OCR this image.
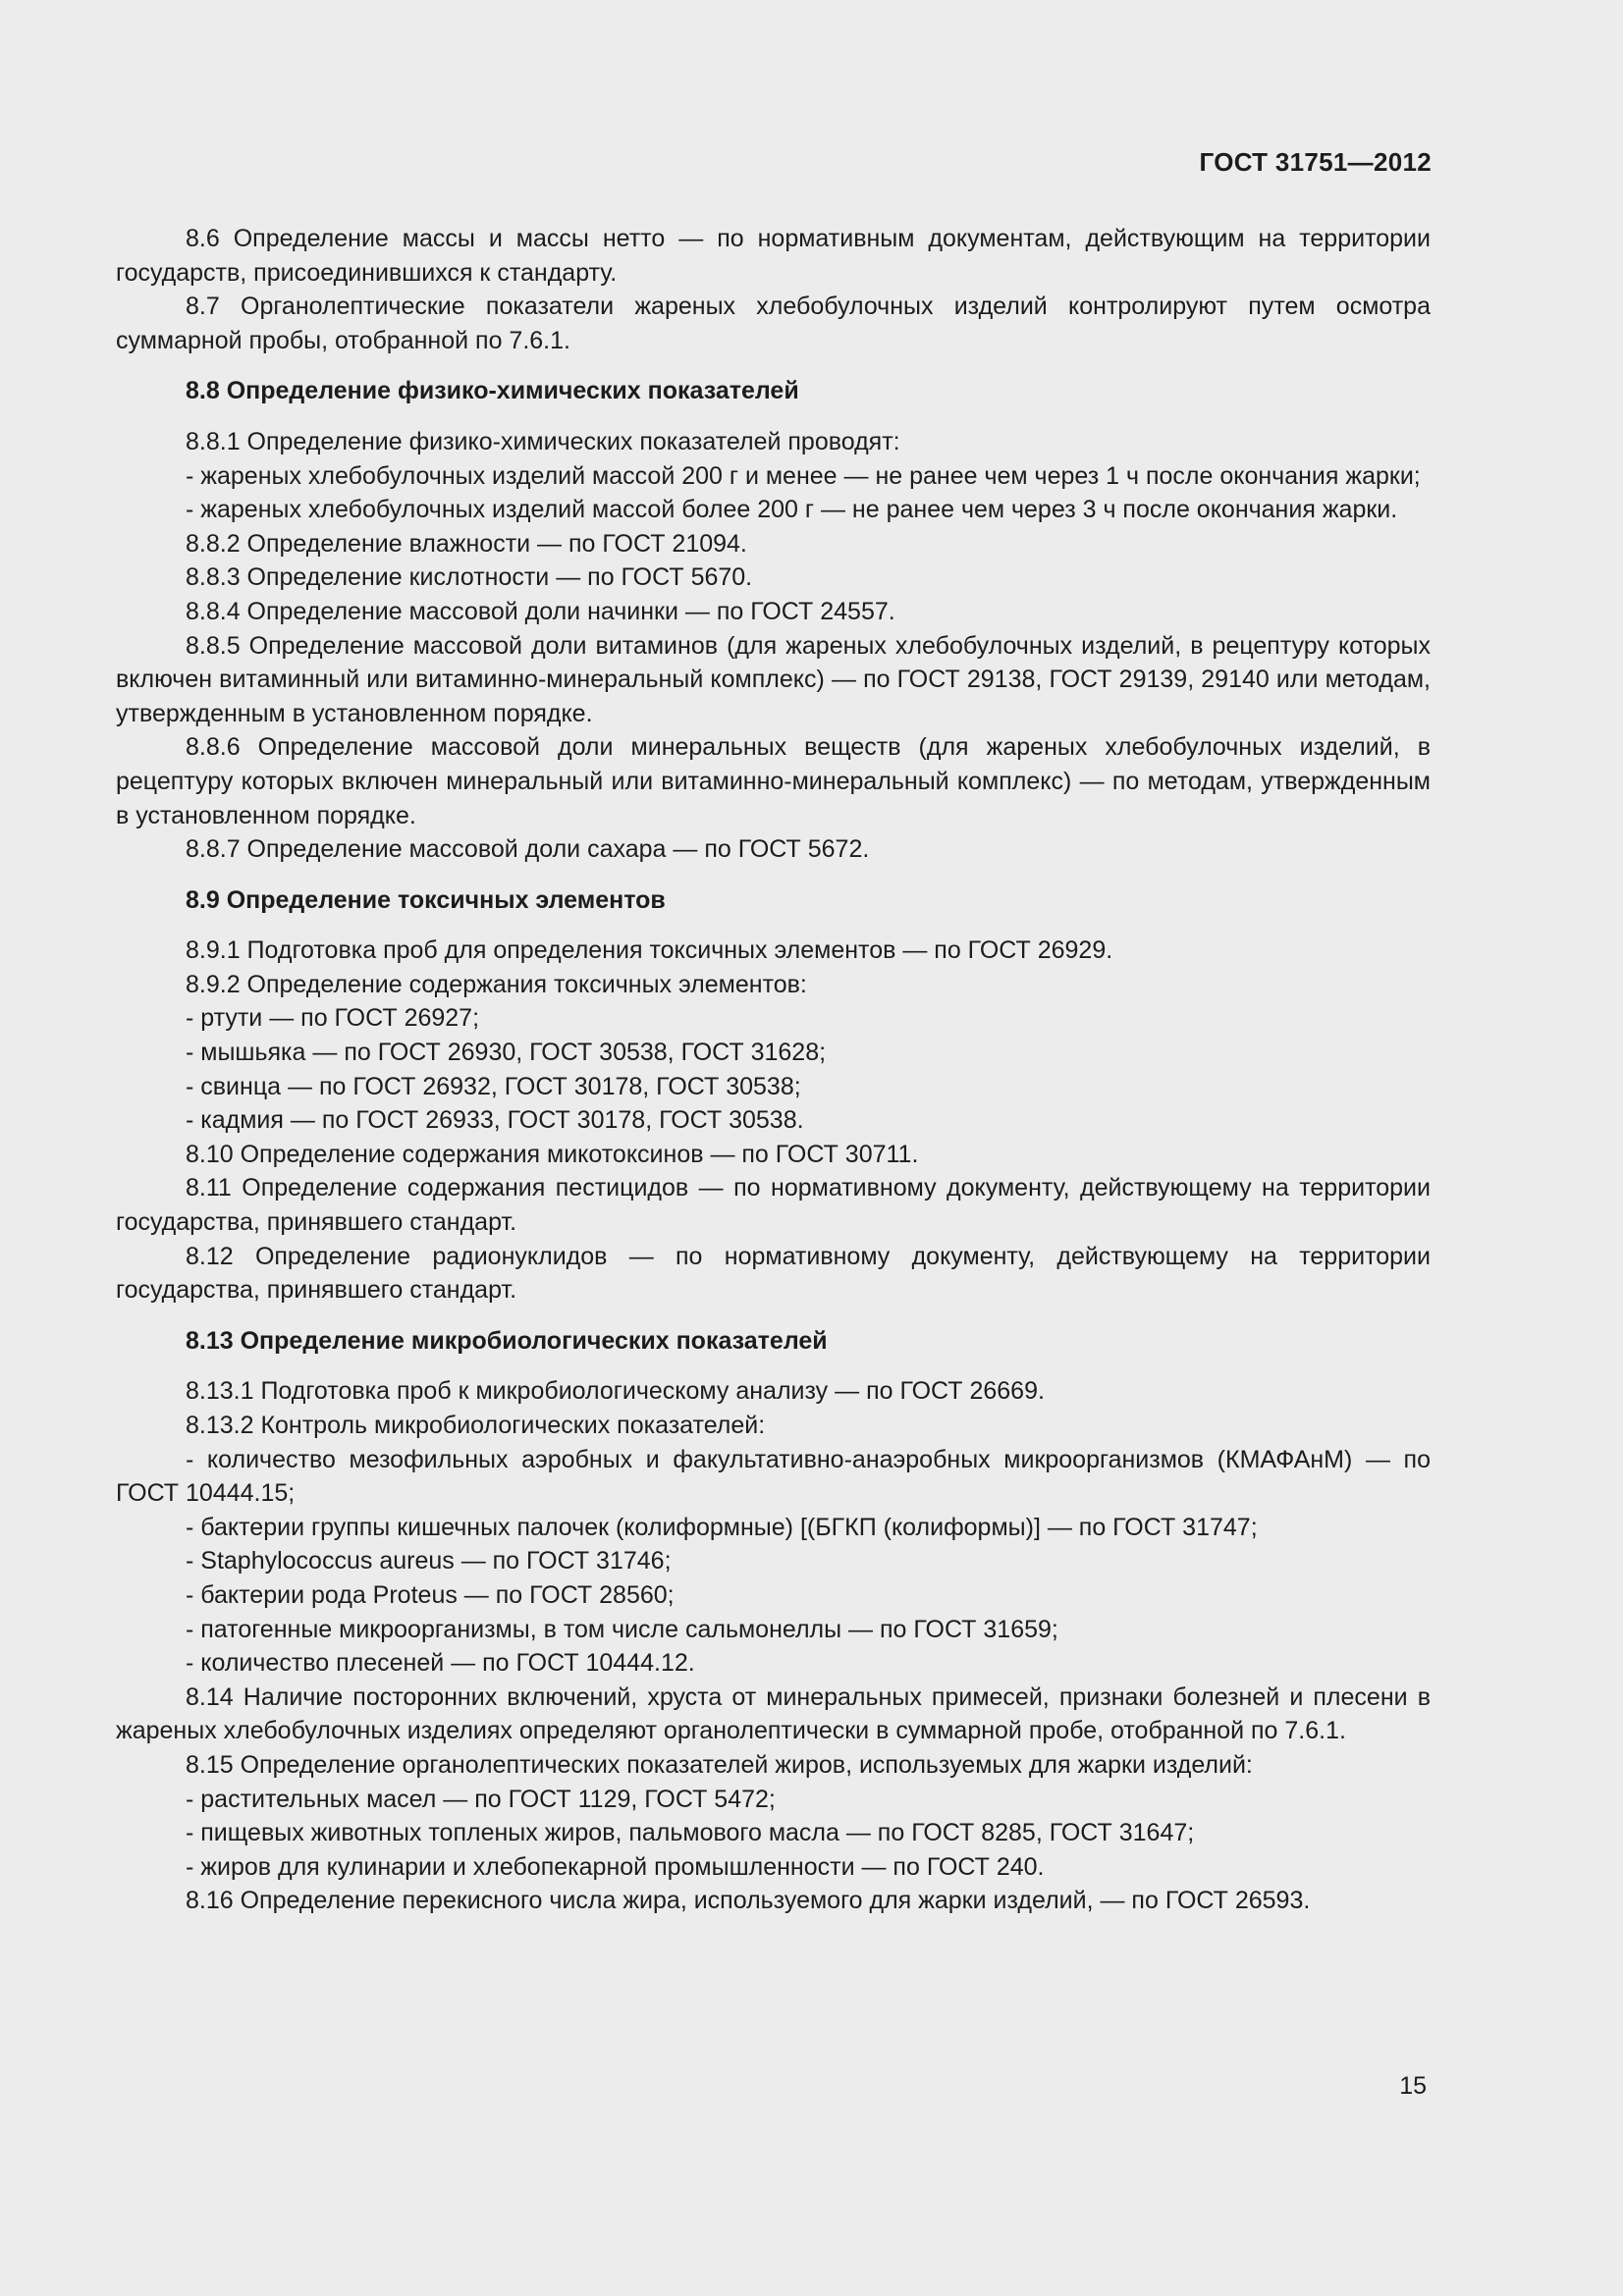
ГОСТ 31751—2012

8.6 Определение массы и массы нетто — по нормативным документам, действующим на территории государств, присоединившихся к стандарту.

8.7 Органолептические показатели жареных хлебобулочных изделий контролируют путем осмотра суммарной пробы, отобранной по 7.6.1.

8.8 Определение физико-химических показателей

8.8.1 Определение физико-химических показателей проводят:

- жареных хлебобулочных изделий массой 200 г и менее — не ранее чем через 1 ч после окончания жарки;

- жареных хлебобулочных изделий массой более 200 г — не ранее чем через 3 ч после окончания жарки.

8.8.2 Определение влажности — по ГОСТ 21094.

8.8.3 Определение кислотности — по ГОСТ 5670.

8.8.4 Определение массовой доли начинки — по ГОСТ 24557.

8.8.5 Определение массовой доли витаминов (для жареных хлебобулочных изделий, в рецептуру которых включен витаминный или витаминно-минеральный комплекс) — по ГОСТ 29138, ГОСТ 29139, 29140 или методам, утвержденным в установленном порядке.

8.8.6 Определение массовой доли минеральных веществ (для жареных хлебобулочных изделий, в рецептуру которых включен минеральный или витаминно-минеральный комплекс) — по методам, утвержденным в установленном порядке.

8.8.7 Определение массовой доли сахара — по ГОСТ 5672.

8.9 Определение токсичных элементов

8.9.1 Подготовка проб для определения токсичных элементов — по ГОСТ 26929.

8.9.2 Определение содержания токсичных элементов:

- ртути — по ГОСТ 26927;

- мышьяка — по ГОСТ 26930, ГОСТ 30538, ГОСТ 31628;

- свинца — по ГОСТ 26932, ГОСТ 30178, ГОСТ 30538;

- кадмия — по ГОСТ 26933, ГОСТ 30178, ГОСТ 30538.

8.10 Определение содержания микотоксинов — по ГОСТ 30711.

8.11 Определение содержания пестицидов — по нормативному документу, действующему на территории государства, принявшего стандарт.

8.12 Определение радионуклидов — по нормативному документу, действующему на территории государства, принявшего стандарт.

8.13 Определение микробиологических показателей

8.13.1 Подготовка проб к микробиологическому анализу — по ГОСТ 26669.

8.13.2 Контроль микробиологических показателей:

- количество мезофильных аэробных и факультативно-анаэробных микроорганизмов (КМАФАнМ) — по ГОСТ 10444.15;

- бактерии группы кишечных палочек (колиформные) [(БГКП (колиформы)] — по ГОСТ 31747;

- Staphylococcus aureus — по ГОСТ 31746;

- бактерии рода Proteus — по ГОСТ 28560;

- патогенные микроорганизмы, в том числе сальмонеллы — по ГОСТ 31659;

- количество плесеней — по ГОСТ 10444.12.

8.14 Наличие посторонних включений, хруста от минеральных примесей, признаки болезней и плесени в жареных хлебобулочных изделиях определяют органолептически в суммарной пробе, отобранной по 7.6.1.

8.15 Определение органолептических показателей жиров, используемых для жарки изделий:

- растительных масел — по ГОСТ 1129, ГОСТ 5472;

- пищевых животных топленых жиров, пальмового масла — по ГОСТ 8285, ГОСТ 31647;

- жиров для кулинарии и хлебопекарной промышленности — по ГОСТ 240.

8.16 Определение перекисного числа жира, используемого для жарки изделий, — по ГОСТ 26593.

15
